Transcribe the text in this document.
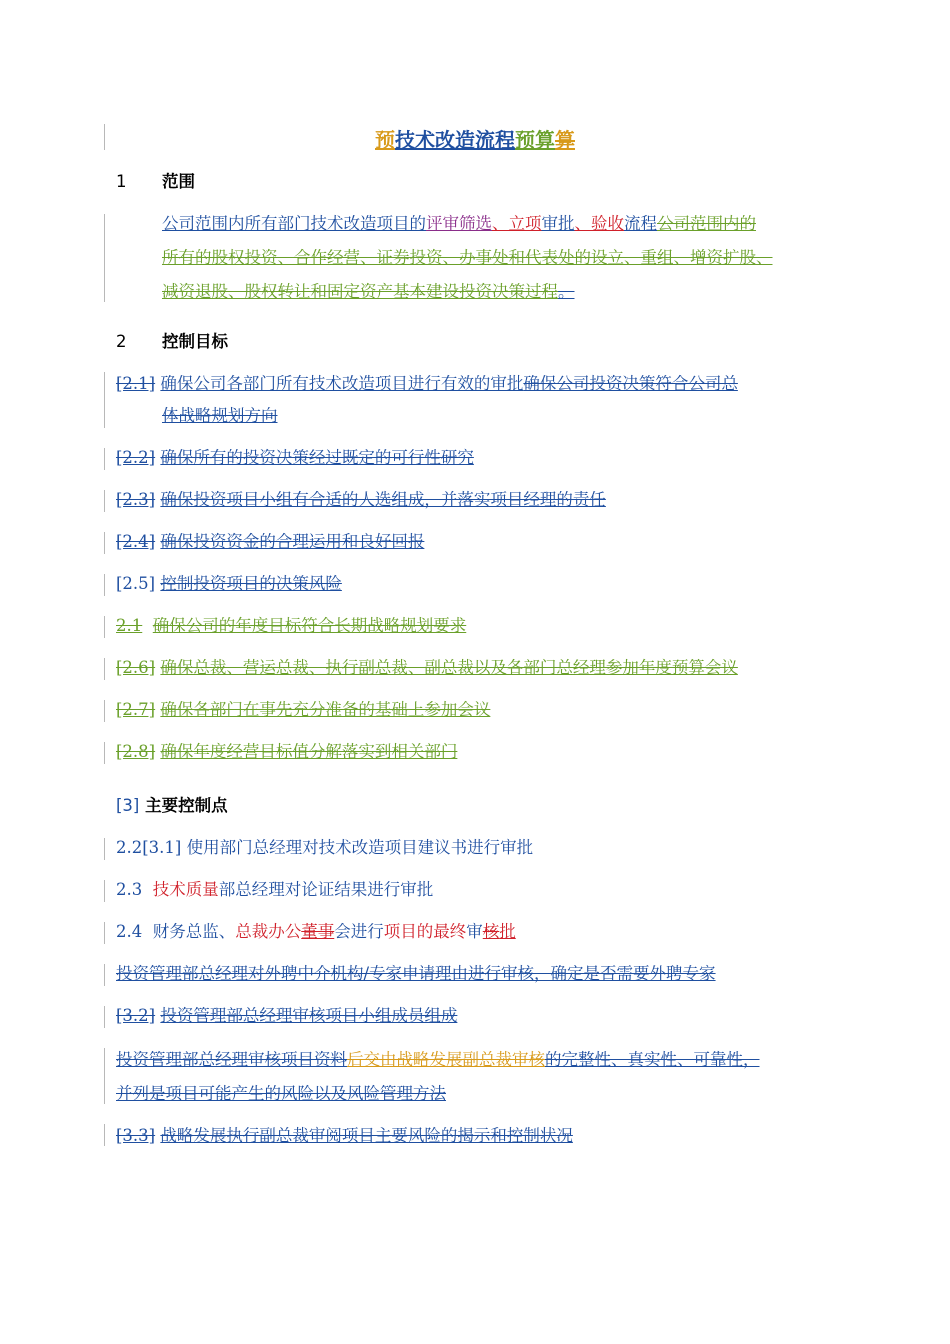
预技术改造流程预算算
1 范围
公司范围内所有部门技术改造项目的评审筛选、立项审批、验收流程公司范围内的
所有的股权投资、合作经营、证券投资、办事处和代表处的设立、重组、增资扩股、
减资退股、股权转让和固定资产基本建设投资决策过程。
2 控制目标
[2.1] 确保公司各部门所有技术改造项目进行有效的审批确保公司投资决策符合公司总
体战略规划方向
[2.2] 确保所有的投资决策经过既定的可行性研究
[2.3] 确保投资项目小组有合适的人选组成，并落实项目经理的责任
[2.4] 确保投资资金的合理运用和良好回报
[2.5] 控制投资项目的决策风险
2.1 确保公司的年度目标符合长期战略规划要求
[2.6] 确保总裁、营运总裁、执行副总裁、副总裁以及各部门总经理参加年度预算会议
[2.7] 确保各部门在事先充分准备的基础上参加会议
[2.8] 确保年度经营目标值分解落实到相关部门
[3] 主要控制点
2.2[3.1] 使用部门总经理对技术改造项目建议书进行审批
2.3 技术质量部总经理对论证结果进行审批
2.4 财务总监、总裁办公董事会进行项目的最终审核批
投资管理部总经理对外聘中介机构/专家申请理由进行审核，确定是否需要外聘专家
[3.2] 投资管理部总经理审核项目小组成员组成
投资管理部总经理审核项目资料后交由战略发展副总裁审核的完整性、真实性、可靠性，
并列是项目可能产生的风险以及风险管理方法
[3.3] 战略发展执行副总裁审阅项目主要风险的揭示和控制状况
